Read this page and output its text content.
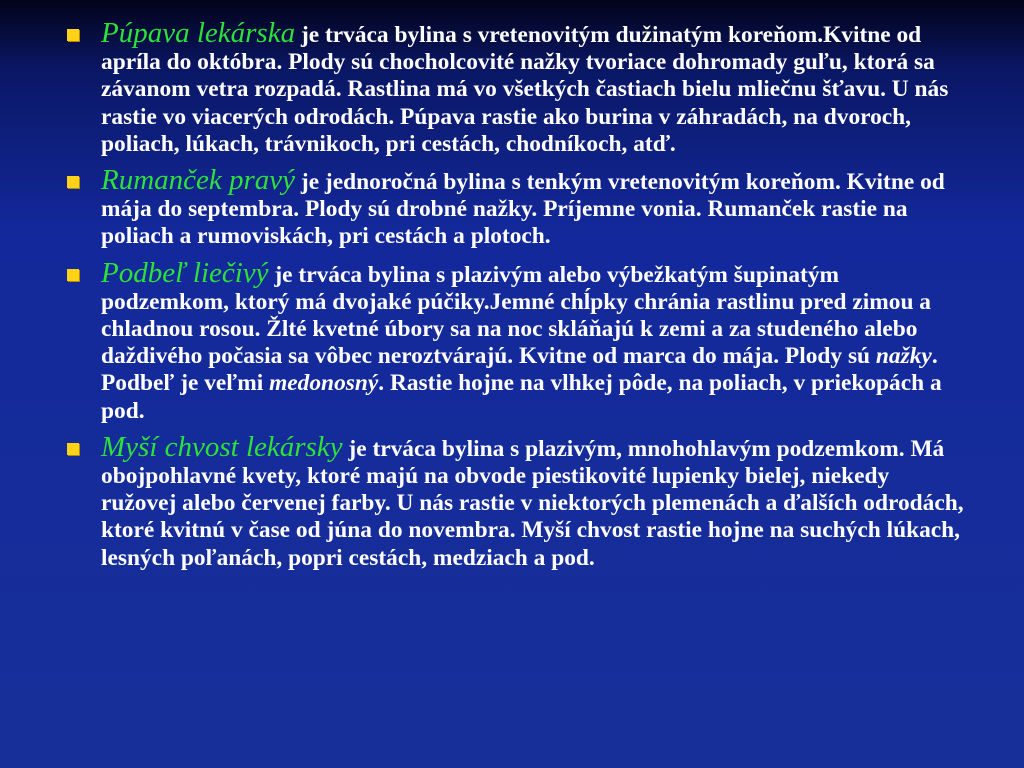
Púpava lekárska je trváca bylina s vretenovitým dužinatým koreňom.Kvitne od apríla do októbra. Plody sú chocholcovité nažky tvoriace dohromady guľu, ktorá sa závanom vetra rozpadá. Rastlina má vo všetkých častiach bielu mliečnu šťavu. U nás rastie vo viacerých odrodách. Púpava rastie ako burina v záhradách, na dvoroch, poliach, lúkach, trávnikoch, pri cestách, chodníkoch, atď.
Rumanček pravý je jednoročná bylina s tenkým vretenovitým koreňom. Kvitne od mája do septembra. Plody sú drobné nažky. Príjemne vonia. Rumanček rastie na poliach a rumoviskách, pri cestách a plotoch.
Podbeľ liečivý je trváca bylina s plazivým alebo výbežkatým šupinatým podzemkom, ktorý má dvojaké púčiky.Jemné chĺpky chránia rastlinu pred zimou a chladnou rosou. Žlté kvetné úbory sa na noc skláňajú k zemi a za studeného alebo daždivého počasia sa vôbec neroztvárajú. Kvitne od marca do mája. Plody sú nažky. Podbeľ je veľmi medonosný. Rastie hojne na vlhkej pôde, na poliach, v priekopách a pod.
Myší chvost lekársky je trváca bylina s plazivým, mnohohlavým podzemkom. Má obojpohlavné kvety, ktoré majú na obvode piestikovité lupienky bielej, niekedy ružovej alebo červenej farby. U nás rastie v niektorých plemenách a ďalších odrodách, ktoré kvitnú v čase od júna do novembra. Myší chvost rastie hojne na suchých lúkach, lesných poľanách, popri cestách, medziach a pod.
